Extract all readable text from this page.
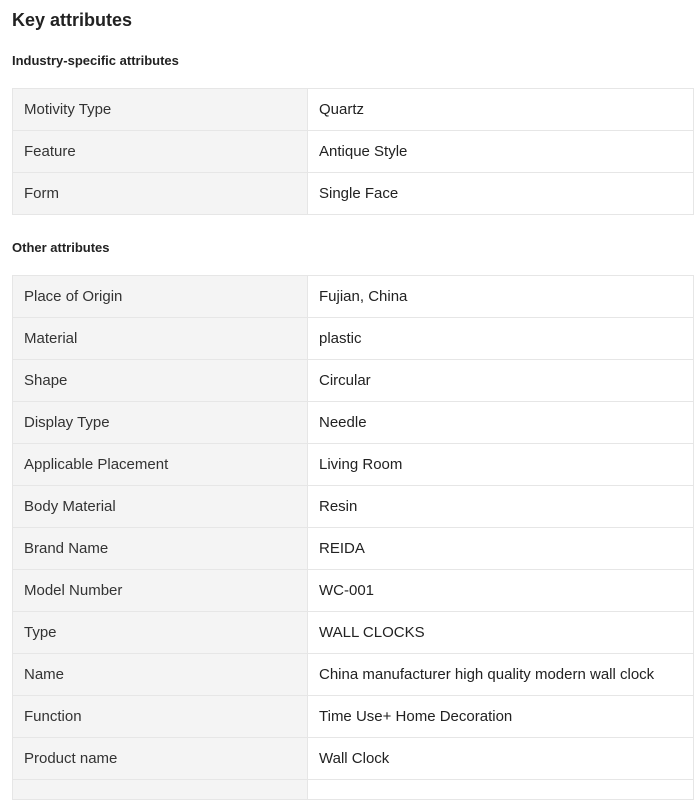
Key attributes
Industry-specific attributes
Motivity Type	Quartz
Feature	Antique Style
Form	Single Face
Other attributes
Place of Origin	Fujian, China
Material	plastic
Shape	Circular
Display Type	Needle
Applicable Placement	Living Room
Body Material	Resin
Brand Name	REIDA
Model Number	WC-001
Type	WALL CLOCKS
Name	China manufacturer high quality modern wall clock
Function	Time Use+ Home Decoration
Product name	Wall Clock
